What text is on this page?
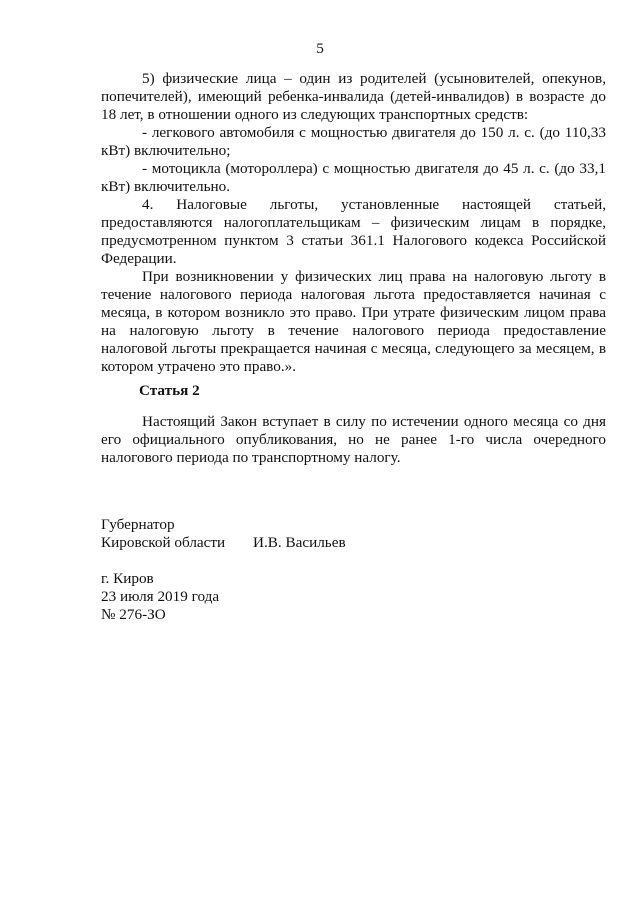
5

5) физические лица – один из родителей (усыновителей, опекунов, попечителей), имеющий ребенка-инвалида (детей-инвалидов) в возрасте до 18 лет, в отношении одного из следующих транспортных средств:

- легкового автомобиля с мощностью двигателя до 150 л. с. (до 110,33 кВт) включительно;

- мотоцикла (мотороллера) с мощностью двигателя до 45 л. с. (до 33,1 кВт) включительно.

4. Налоговые льготы, установленные настоящей статьей, предоставляются налогоплательщикам – физическим лицам в порядке, предусмотренном пунктом 3 статьи 361.1 Налогового кодекса Российской Федерации.

При возникновении у физических лиц права на налоговую льготу в течение налогового периода налоговая льгота предоставляется начиная с месяца, в котором возникло это право. При утрате физическим лицом права на налоговую льготу в течение налогового периода предоставление налоговой льготы прекращается начиная с месяца, следующего за месяцем, в котором утрачено это право.».

Статья 2

Настоящий Закон вступает в силу по истечении одного месяца со дня его официального опубликования, но не ранее 1-го числа очередного налогового периода по транспортному налогу.

Губернатор
Кировской области И.В. Васильев
г. Киров
23 июля 2019 года
№ 276-ЗО
